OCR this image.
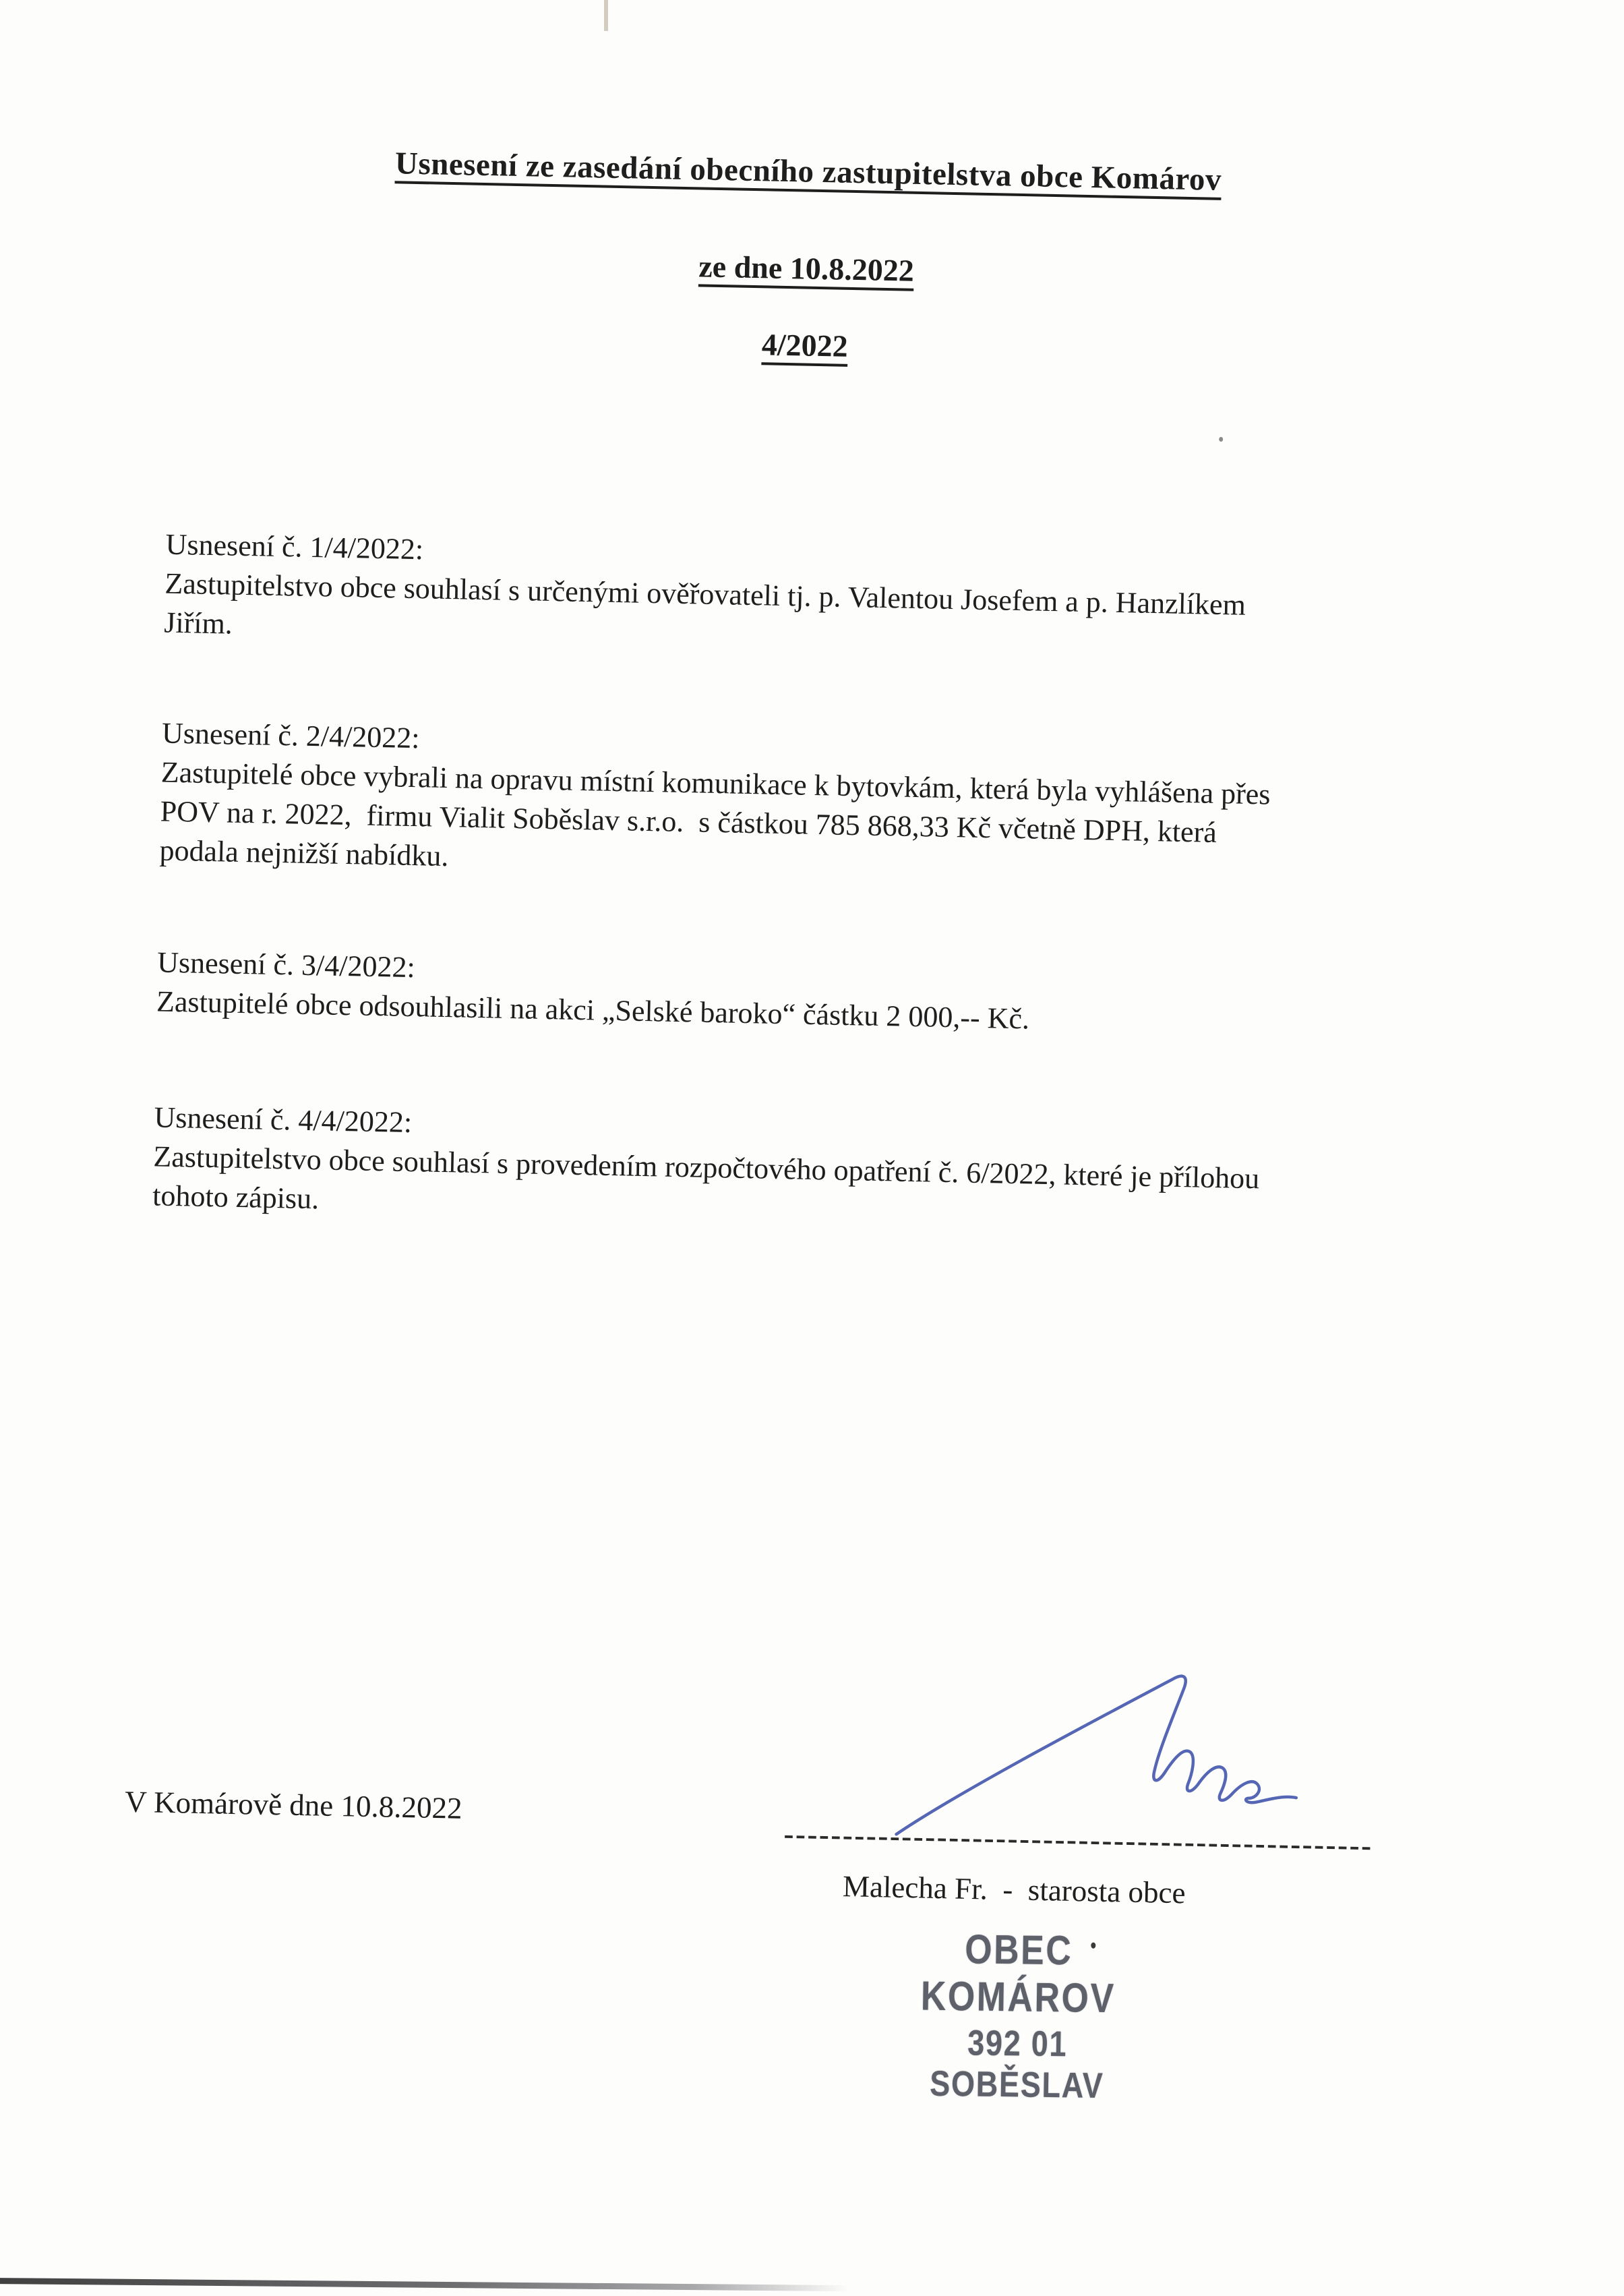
Usnesení ze zasedání obecního zastupitelstva obce Komárov
ze dne 10.8.2022
4/2022

Usnesení č. 1/4/2022:

Zastupitelstvo obce souhlasí s určenými ověřovateli tj. p. Valentou Josefem a p. Hanzlíkem
Jiřím.

Usnesení č. 2/4/2022:

Zastupitelé obce vybrali na opravu místní komunikace k bytovkám, která byla vyhlášena přes
POV na r. 2022,  firmu Vialit Soběslav s.r.o.  s částkou 785 868,33 Kč včetně DPH, která
podala nejnižší nabídku.

Usnesení č. 3/4/2022:

Zastupitelé obce odsouhlasili na akci „Selské baroko“ částku 2 000,-- Kč.

Usnesení č. 4/4/2022:

Zastupitelstvo obce souhlasí s provedením rozpočtového opatření č. 6/2022, které je přílohou
tohoto zápisu.

V Komárově dne 10.8.2022
--------------------------------------------------
Malecha Fr.  -  starosta obce
OBEC KOMÁROV
392 01 SOBĚSLAV
